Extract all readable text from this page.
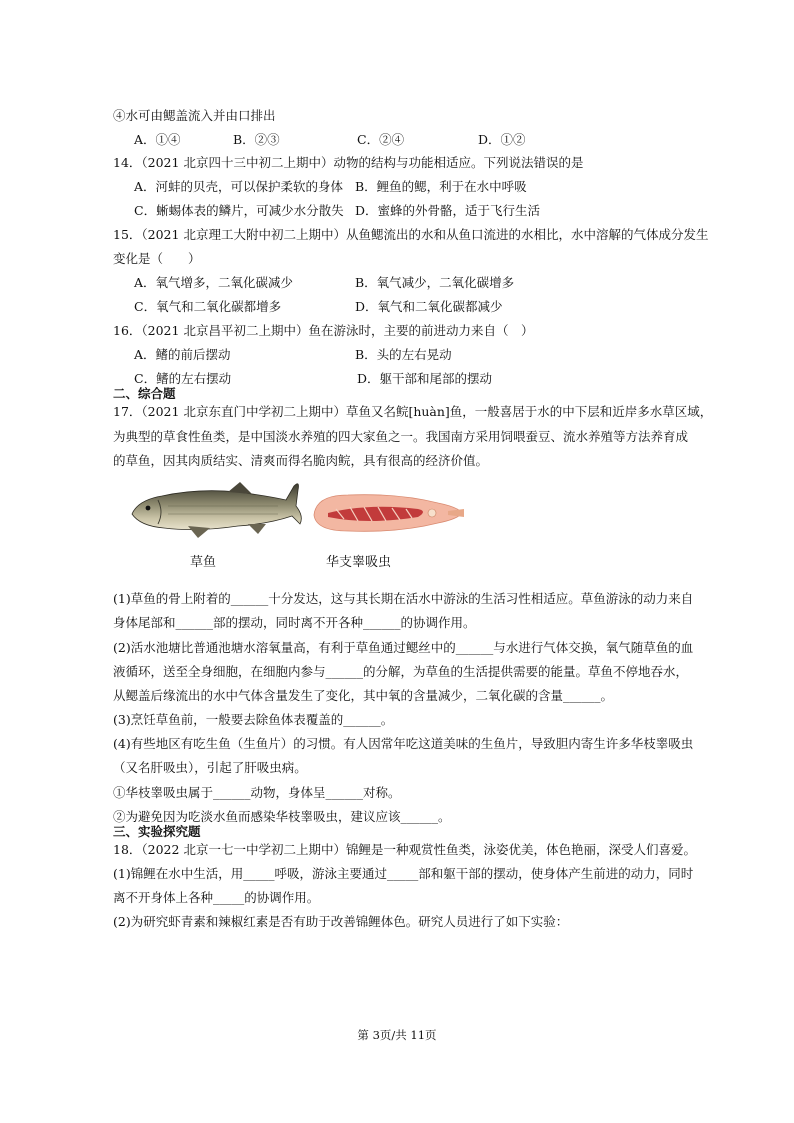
④水可由鳃盖流入并由口排出
A．①④	B．②③	C．②④	D．①②
14．（2021 北京四十三中初二上期中）动物的结构与功能相适应。下列说法错误的是
A．河蚌的贝壳，可以保护柔软的身体 B．鲤鱼的鳃，利于在水中呼吸
C．蜥蜴体表的鳞片，可减少水分散失 D．蜜蜂的外骨骼，适于飞行生活
15．（2021 北京理工大附中初二上期中）从鱼鳃流出的水和从鱼口流进的水相比，水中溶解的气体成分发生
变化是（　　）
A．氧气增多，二氧化碳减少	B．氧气减少，二氧化碳增多
C．氧气和二氧化碳都增多	D．氧气和二氧化碳都减少
16．（2021 北京昌平初二上期中）鱼在游泳时，主要的前进动力来自（　）
A．鳍的前后摆动	B．头的左右晃动
C．鳍的左右摆动	D．躯干部和尾部的摆动
二、综合题
17．（2021 北京东直门中学初二上期中）草鱼又名鲩[huàn]鱼，一般喜居于水的中下层和近岸多水草区域，
为典型的草食性鱼类，是中国淡水养殖的四大家鱼之一。我国南方采用饲喂蚕豆、流水养殖等方法养育成
的草鱼，因其肉质结实、清爽而得名脆肉鲩，具有很高的经济价值。
草鱼	华支睾吸虫
(1)草鱼的骨上附着的______十分发达，这与其长期在活水中游泳的生活习性相适应。草鱼游泳的动力来自
身体尾部和______部的摆动，同时离不开各种______的协调作用。
(2)活水池塘比普通池塘水溶氧量高，有利于草鱼通过鳃丝中的______与水进行气体交换，氧气随草鱼的血
液循环，送至全身细胞，在细胞内参与______的分解，为草鱼的生活提供需要的能量。草鱼不停地吞水，
从鳃盖后缘流出的水中气体含量发生了变化，其中氧的含量减少，二氧化碳的含量______。
(3)烹饪草鱼前，一般要去除鱼体表覆盖的______。
(4)有些地区有吃生鱼（生鱼片）的习惯。有人因常年吃这道美味的生鱼片，导致胆内寄生许多华枝睾吸虫
（又名肝吸虫），引起了肝吸虫病。
①华枝睾吸虫属于______动物，身体呈______对称。
②为避免因为吃淡水鱼而感染华枝睾吸虫，建议应该______。
三、实验探究题
18．（2022 北京一七一中学初二上期中）锦鲤是一种观赏性鱼类，泳姿优美，体色艳丽，深受人们喜爱。
(1)锦鲤在水中生活，用_____呼吸，游泳主要通过_____部和躯干部的摆动，使身体产生前进的动力，同时
离不开身体上各种_____的协调作用。
(2)为研究虾青素和辣椒红素是否有助于改善锦鲤体色。研究人员进行了如下实验：
第 3页/共 11页
